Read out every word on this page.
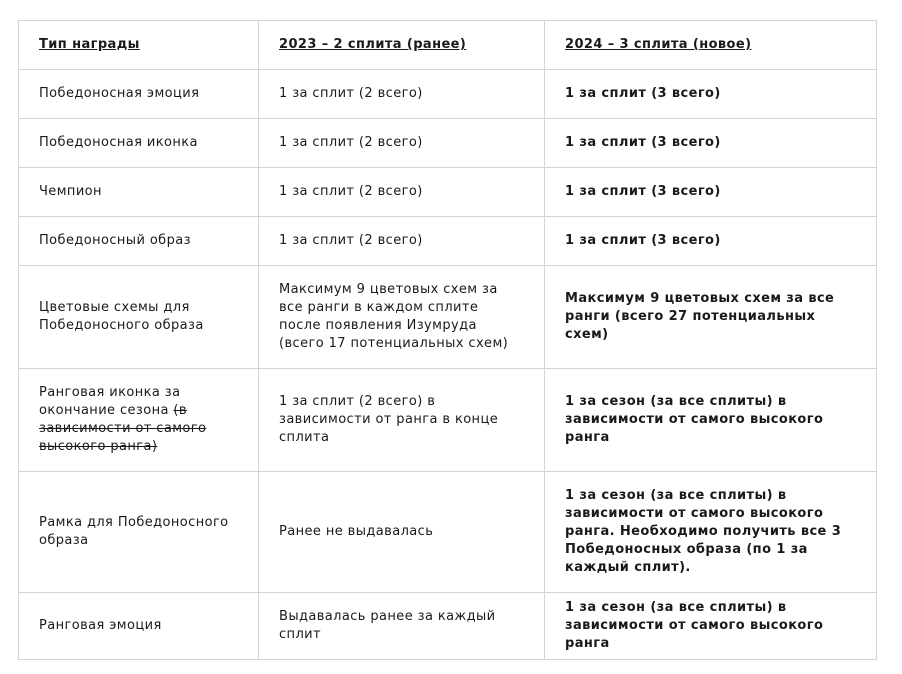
Тип награды	2023 – 2 сплита (ранее)	2024 – 3 сплита (новое)
Победоносная эмоция	1 за сплит (2 всего)	1 за сплит (3 всего)
Победоносная иконка	1 за сплит (2 всего)	1 за сплит (3 всего)
Чемпион	1 за сплит (2 всего)	1 за сплит (3 всего)
Победоносный образ	1 за сплит (2 всего)	1 за сплит (3 всего)
Цветовые схемы для Победоносного образа	Максимум 9 цветовых схем за все ранги в каждом сплите после появления Изумруда (всего 17 потенциальных схем)	Максимум 9 цветовых схем за все ранги (всего 27 потенциальных схем)
Ранговая иконка за окончание сезона (в зависимости от самого высокого ранга)	1 за сплит (2 всего) в зависимости от ранга в конце сплита	1 за сезон (за все сплиты) в зависимости от самого высокого ранга
Рамка для Победоносного образа	Ранее не выдавалась	1 за сезон (за все сплиты) в зависимости от самого высокого ранга. Необходимо получить все 3 Победоносных образа (по 1 за каждый сплит).
Ранговая эмоция	Выдавалась ранее за каждый сплит	1 за сезон (за все сплиты) в зависимости от самого высокого ранга
